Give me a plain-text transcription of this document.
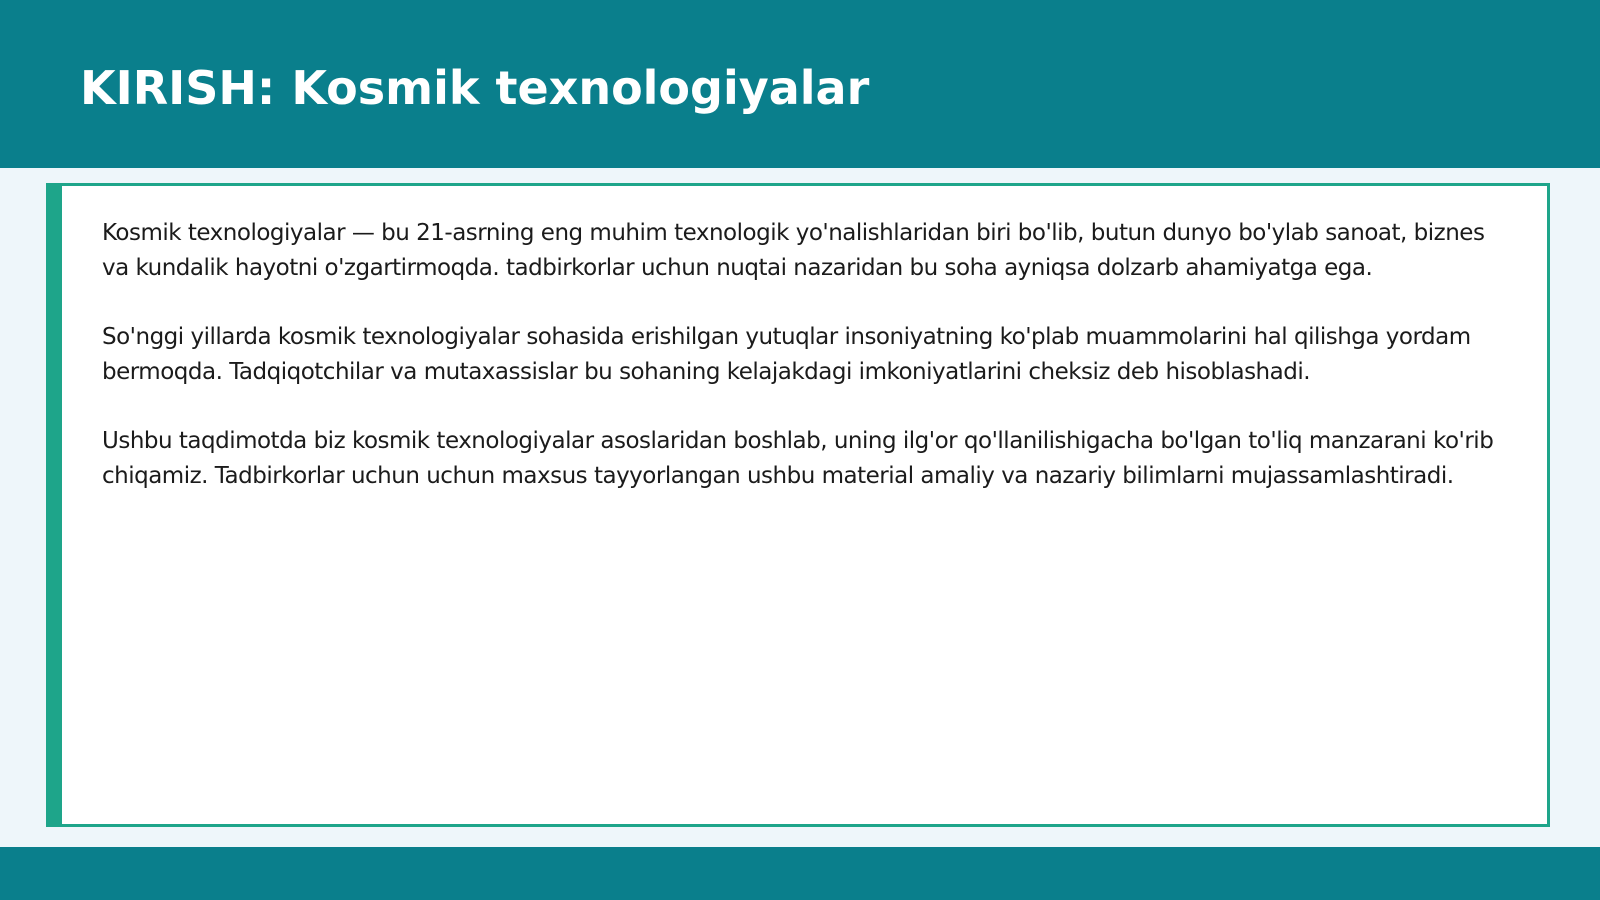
KIRISH: Kosmik texnologiyalar

Kosmik texnologiyalar — bu 21-asrning eng muhim texnologik yo'nalishlaridan biri bo'lib, butun dunyo bo'ylab sanoat, biznes va kundalik hayotni o'zgartirmoqda. tadbirkorlar uchun nuqtai nazaridan bu soha ayniqsa dolzarb ahamiyatga ega.

So'nggi yillarda kosmik texnologiyalar sohasida erishilgan yutuqlar insoniyatning ko'plab muammolarini hal qilishga yordam bermoqda. Tadqiqotchilar va mutaxassislar bu sohaning kelajakdagi imkoniyatlarini cheksiz deb hisoblashadi.

Ushbu taqdimotda biz kosmik texnologiyalar asoslaridan boshlab, uning ilg'or qo'llanilishigacha bo'lgan to'liq manzarani ko'rib chiqamiz. Tadbirkorlar uchun uchun maxsus tayyorlangan ushbu material amaliy va nazariy bilimlarni mujassamlashtiradi.
